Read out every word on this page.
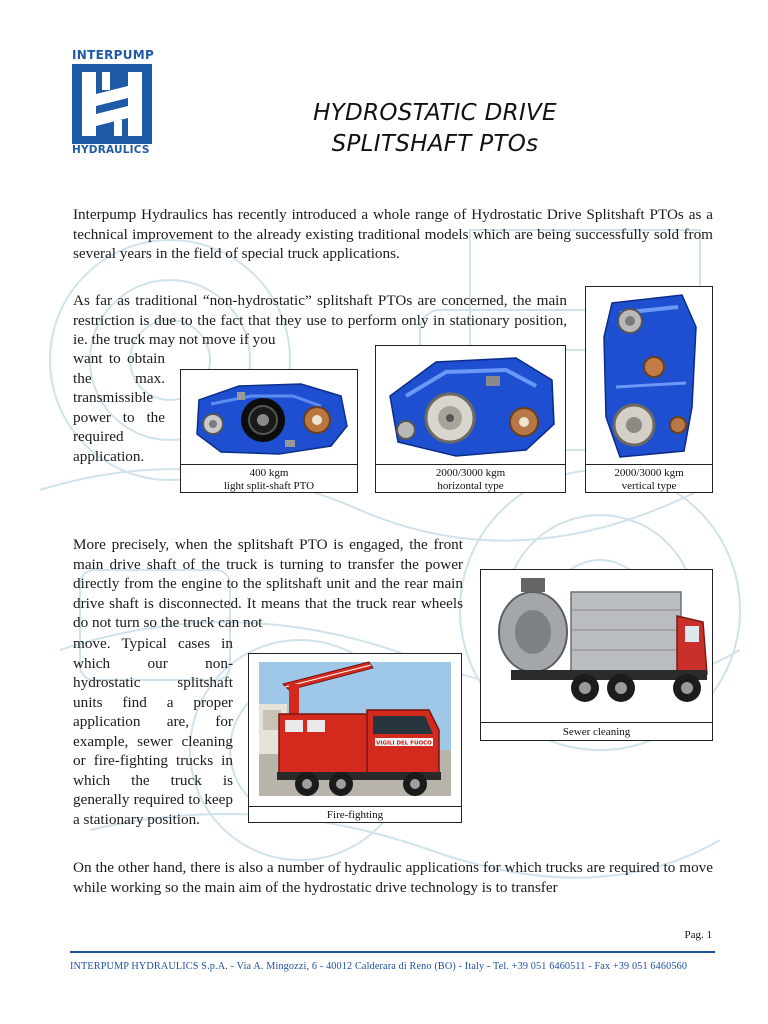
INTERPUMP
HYDRAULICS
HYDROSTATIC DRIVE
SPLITSHAFT PTOs

Interpump Hydraulics has recently introduced a whole range of Hydrostatic Drive Splitshaft PTOs as a technical improvement to the already existing traditional models which are being successfully sold from several years in the field of special truck applications.

As far as traditional “non-hydrostatic” splitshaft PTOs are concerned, the main restriction is due to the fact that they use to perform only in stationary position, ie. the truck may not move if you

want to obtain the max. transmissible power to the required application.

400 kgm
light split-shaft PTO
2000/3000 kgm
horizontal type
2000/3000 kgm
vertical type

More precisely, when the splitshaft PTO is engaged, the front main drive shaft of the truck is turning to transfer the power directly from the engine to the splitshaft unit and the rear main drive shaft is disconnected. It means that the truck rear wheels do not turn so the truck can not

move. Typical cases in which our non-hydrostatic splitshaft units find a proper application are, for example, sewer cleaning or fire-fighting trucks in which the truck is generally required to keep a stationary position.

Sewer cleaning
VIGILI DEL FUOCO
Fire-fighting

On the other hand, there is also a number of hydraulic applications for which trucks are required to move while working so the main aim of the hydrostatic drive technology is to transfer

Pag. 1
INTERPUMP HYDRAULICS S.p.A. - Via A. Mingozzi, 6 - 40012 Calderara di Reno (BO) - Italy - Tel. +39 051 6460511 - Fax +39 051 6460560
